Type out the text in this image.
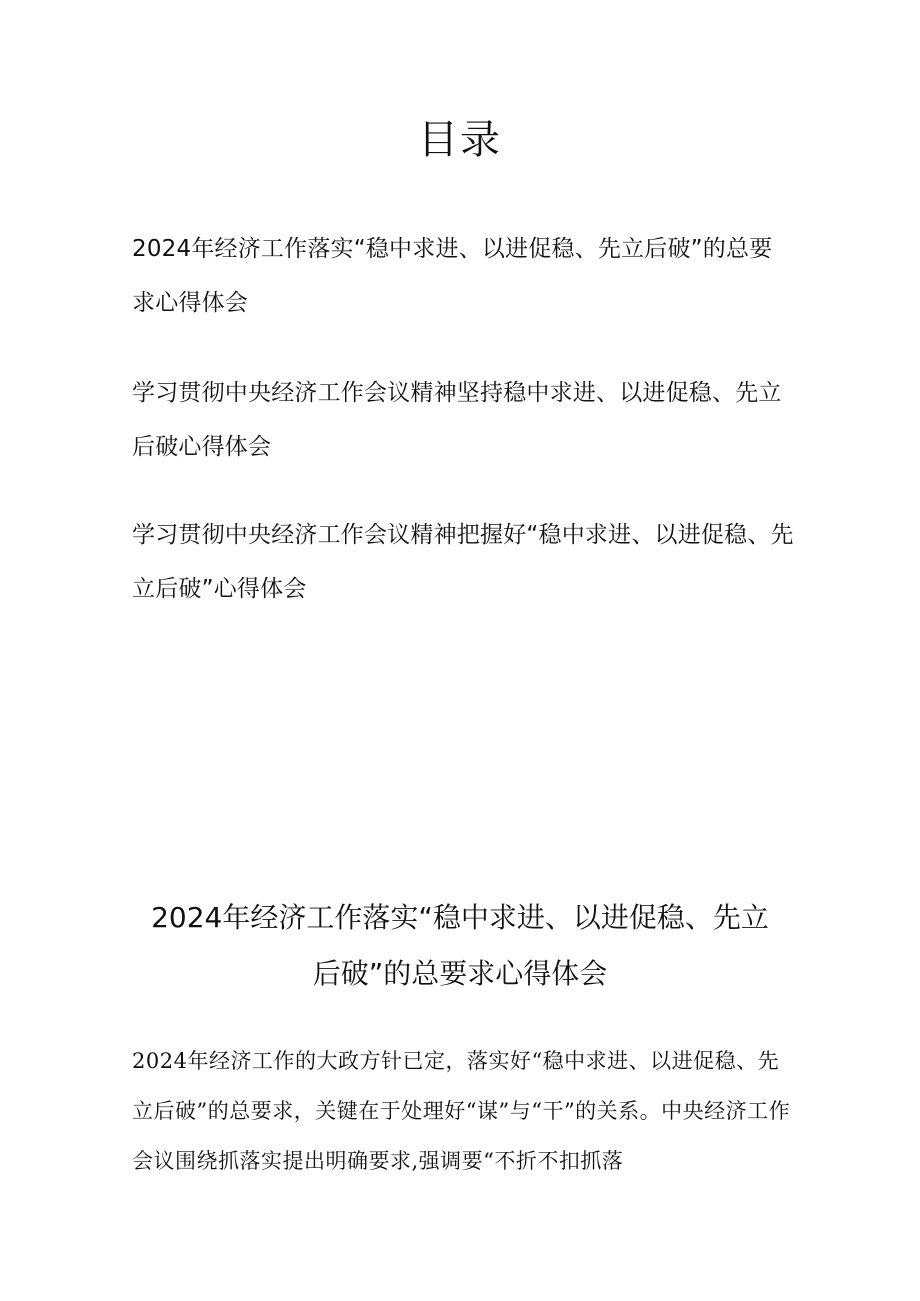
目录
2024年经济工作落实“稳中求进、以进促稳、先立后破”的总要求心得体会
学习贯彻中央经济工作会议精神坚持稳中求进、以进促稳、先立后破心得体会
学习贯彻中央经济工作会议精神把握好“稳中求进、以进促稳、先立后破”心得体会
2024年经济工作落实“稳中求进、以进促稳、先立后破”的总要求心得体会

2024年经济工作的大政方针已定，落实好“稳中求进、以进促稳、先立后破”的总要求，关键在于处理好“谋”与“干”的关系。中央经济工作会议围绕抓落实提出明确要求,强调要“不折不扣抓落
